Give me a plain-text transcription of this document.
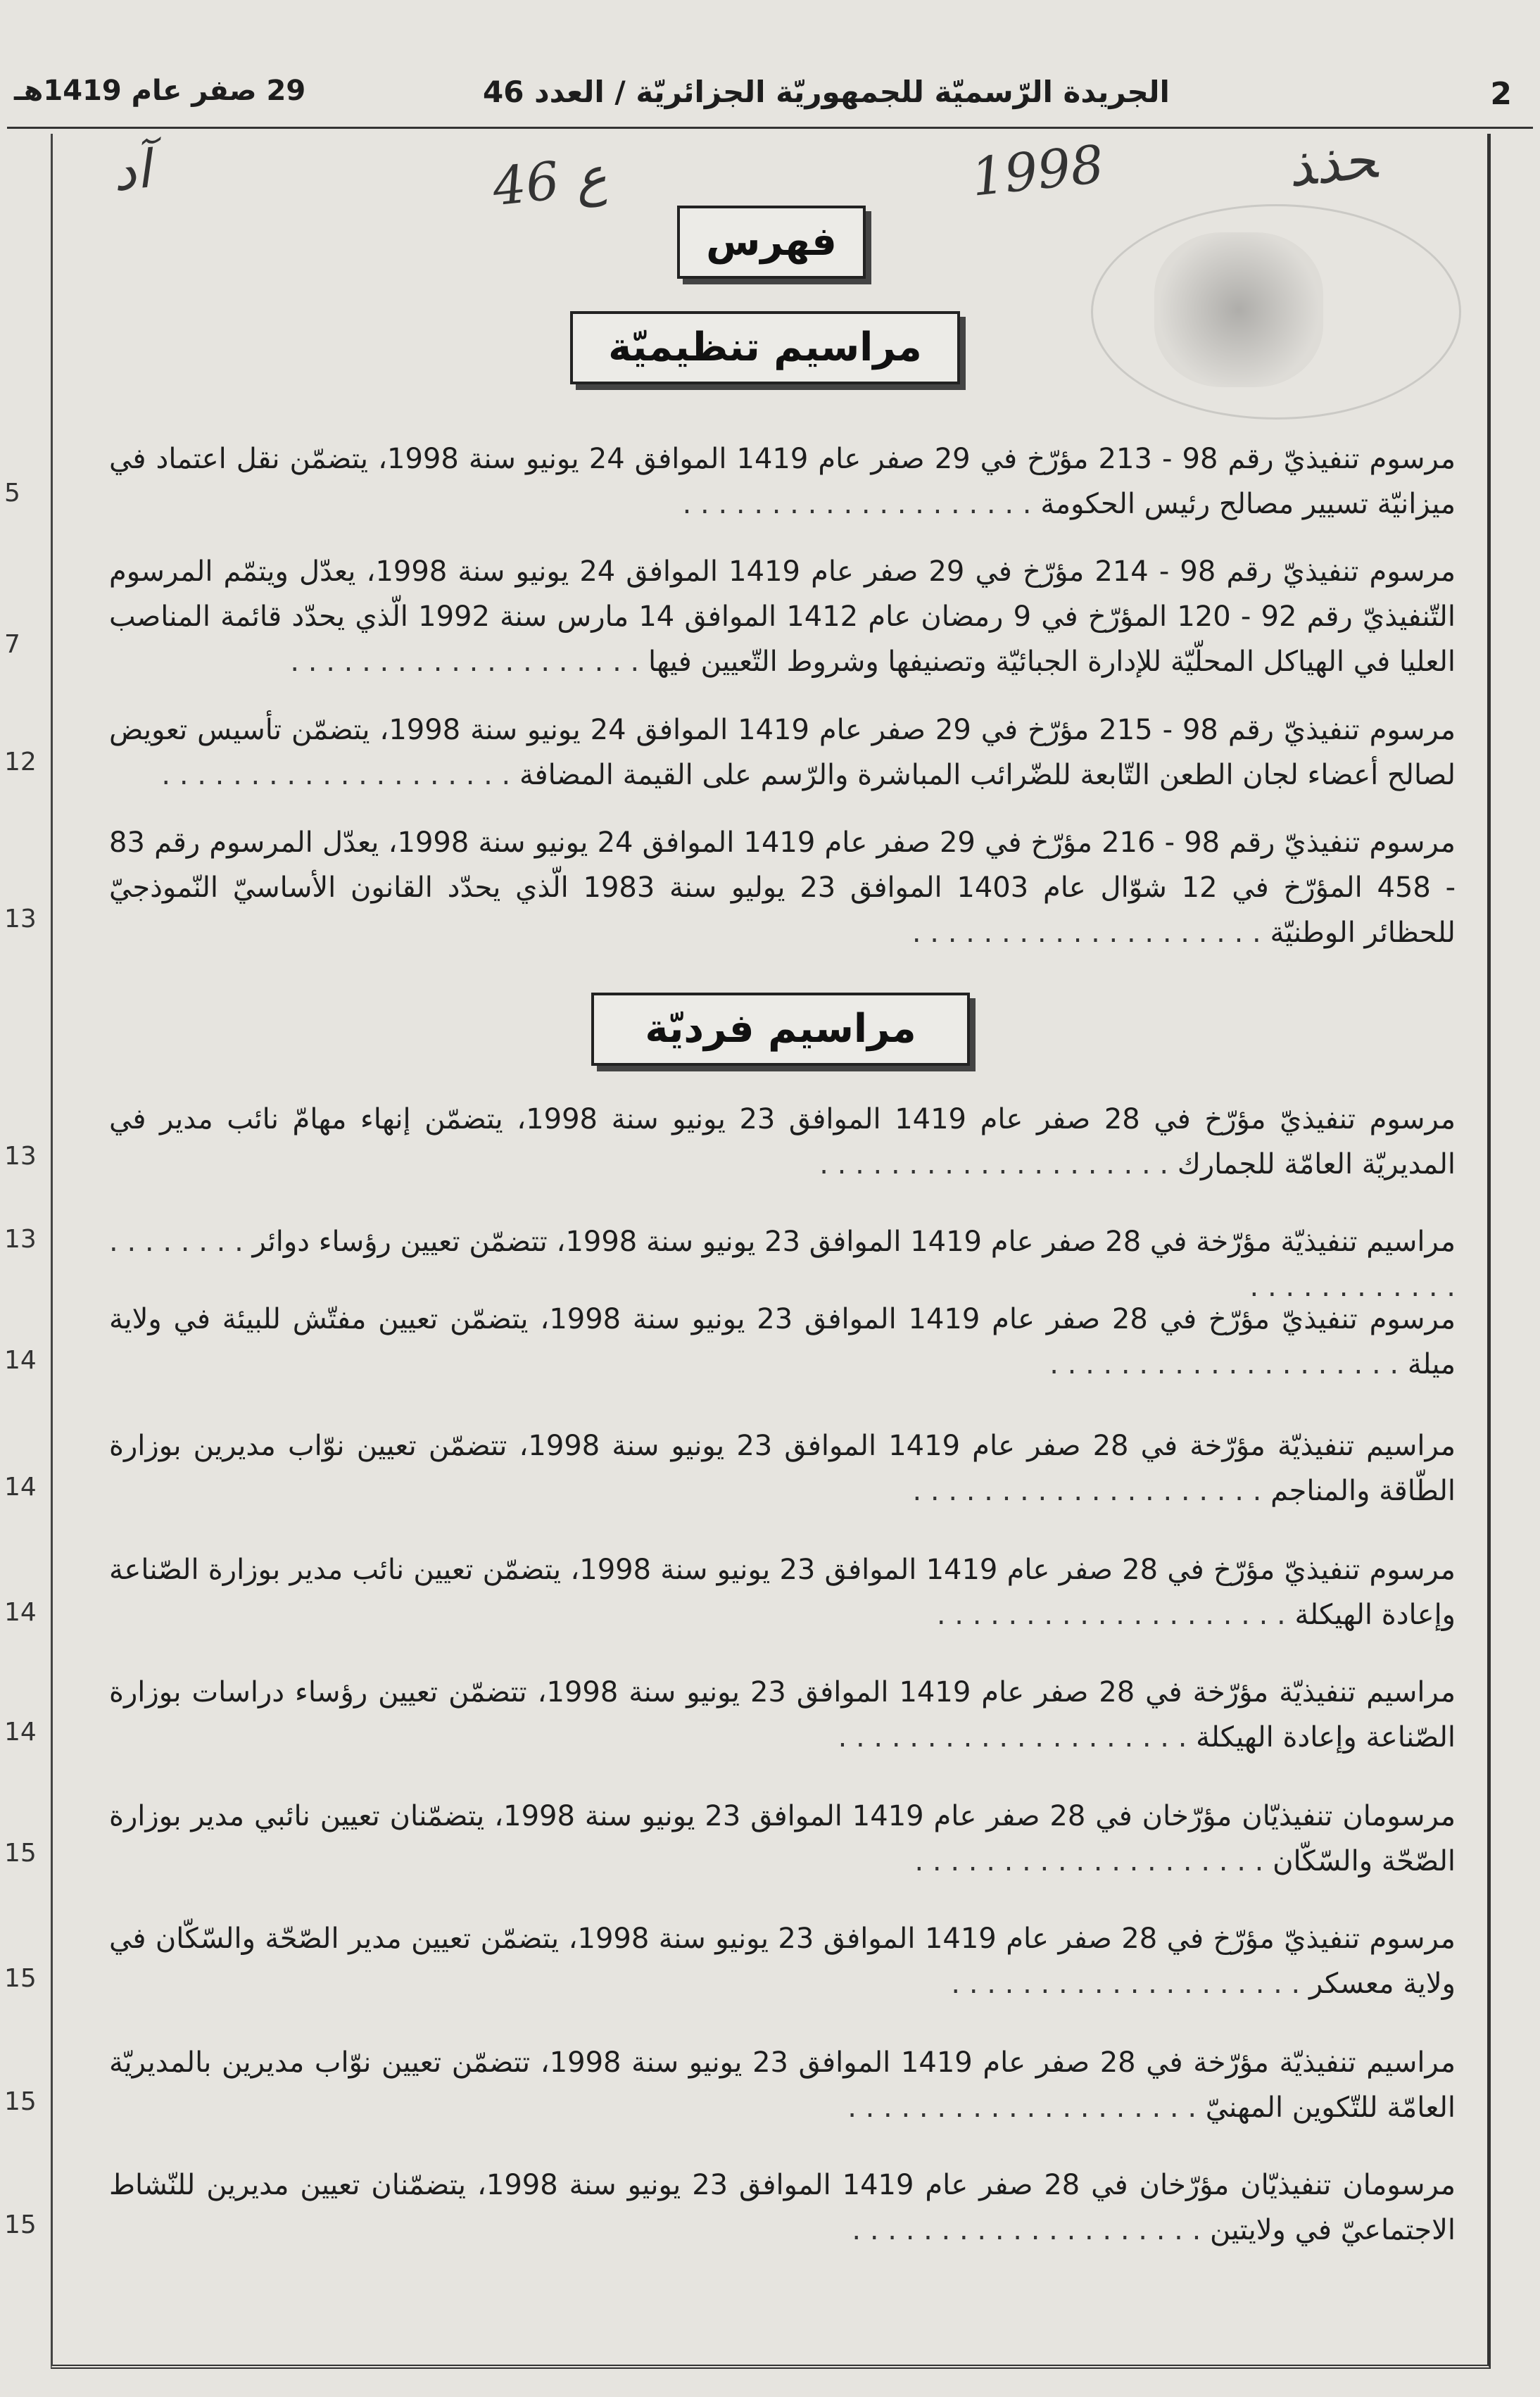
2
الجريدة الرّسميّة للجمهوريّة الجزائريّة / العدد 46
29 صفر عام 1419هـ
ﺤﺬﺬ
1998
46 ع
ﺁﺩ
فهرس
مراسيم تنظيميّة
مراسيم فرديّة
مرسوم تنفيذيّ رقم 98 - 213 مؤرّخ في 29 صفر عام 1419 الموافق 24 يونيو سنة 1998، يتضمّن نقل اعتماد في ميزانيّة تسيير مصالح رئيس الحكومة . . . . . . . . . . . . . . . . . . . .
5
مرسوم تنفيذيّ رقم 98 - 214 مؤرّخ في 29 صفر عام 1419 الموافق 24 يونيو سنة 1998، يعدّل ويتمّم المرسوم التّنفيذيّ رقم 92 - 120 المؤرّخ في 9 رمضان عام 1412 الموافق 14 مارس سنة 1992 الّذي يحدّد قائمة المناصب العليا في الهياكل المحلّيّة للإدارة الجبائيّة وتصنيفها وشروط التّعيين فيها . . . . . . . . . . . . . . . . . . . .
7
مرسوم تنفيذيّ رقم 98 - 215 مؤرّخ في 29 صفر عام 1419 الموافق 24 يونيو سنة 1998، يتضمّن تأسيس تعويض لصالح أعضاء لجان الطعن التّابعة للضّرائب المباشرة والرّسم على القيمة المضافة . . . . . . . . . . . . . . . . . . . .
12
مرسوم تنفيذيّ رقم 98 - 216 مؤرّخ في 29 صفر عام 1419 الموافق 24 يونيو سنة 1998، يعدّل المرسوم رقم 83 - 458 المؤرّخ في 12 شوّال عام 1403 الموافق 23 يوليو سنة 1983 الّذي يحدّد القانون الأساسيّ النّموذجيّ للحظائر الوطنيّة . . . . . . . . . . . . . . . . . . . .
13
مرسوم تنفيذيّ مؤرّخ في 28 صفر عام 1419 الموافق 23 يونيو سنة 1998، يتضمّن إنهاء مهامّ نائب مدير في المديريّة العامّة للجمارك . . . . . . . . . . . . . . . . . . . .
13
مراسيم تنفيذيّة مؤرّخة في 28 صفر عام 1419 الموافق 23 يونيو سنة 1998، تتضمّن تعيين رؤساء دوائر . . . . . . . . . . . . . . . . . . . .
13
مرسوم تنفيذيّ مؤرّخ في 28 صفر عام 1419 الموافق 23 يونيو سنة 1998، يتضمّن تعيين مفتّش للبيئة في ولاية ميلة . . . . . . . . . . . . . . . . . . . .
14
مراسيم تنفيذيّة مؤرّخة في 28 صفر عام 1419 الموافق 23 يونيو سنة 1998، تتضمّن تعيين نوّاب مديرين بوزارة الطّاقة والمناجم . . . . . . . . . . . . . . . . . . . .
14
مرسوم تنفيذيّ مؤرّخ في 28 صفر عام 1419 الموافق 23 يونيو سنة 1998، يتضمّن تعيين نائب مدير بوزارة الصّناعة وإعادة الهيكلة . . . . . . . . . . . . . . . . . . . .
14
مراسيم تنفيذيّة مؤرّخة في 28 صفر عام 1419 الموافق 23 يونيو سنة 1998، تتضمّن تعيين رؤساء دراسات بوزارة الصّناعة وإعادة الهيكلة . . . . . . . . . . . . . . . . . . . .
14
مرسومان تنفيذيّان مؤرّخان في 28 صفر عام 1419 الموافق 23 يونيو سنة 1998، يتضمّنان تعيين نائبي مدير بوزارة الصّحّة والسّكّان . . . . . . . . . . . . . . . . . . . .
15
مرسوم تنفيذيّ مؤرّخ في 28 صفر عام 1419 الموافق 23 يونيو سنة 1998، يتضمّن تعيين مدير الصّحّة والسّكّان في ولاية معسكر . . . . . . . . . . . . . . . . . . . .
15
مراسيم تنفيذيّة مؤرّخة في 28 صفر عام 1419 الموافق 23 يونيو سنة 1998، تتضمّن تعيين نوّاب مديرين بالمديريّة العامّة للتّكوين المهنيّ . . . . . . . . . . . . . . . . . . . .
15
مرسومان تنفيذيّان مؤرّخان في 28 صفر عام 1419 الموافق 23 يونيو سنة 1998، يتضمّنان تعيين مديرين للنّشاط الاجتماعيّ في ولايتين . . . . . . . . . . . . . . . . . . . .
15
